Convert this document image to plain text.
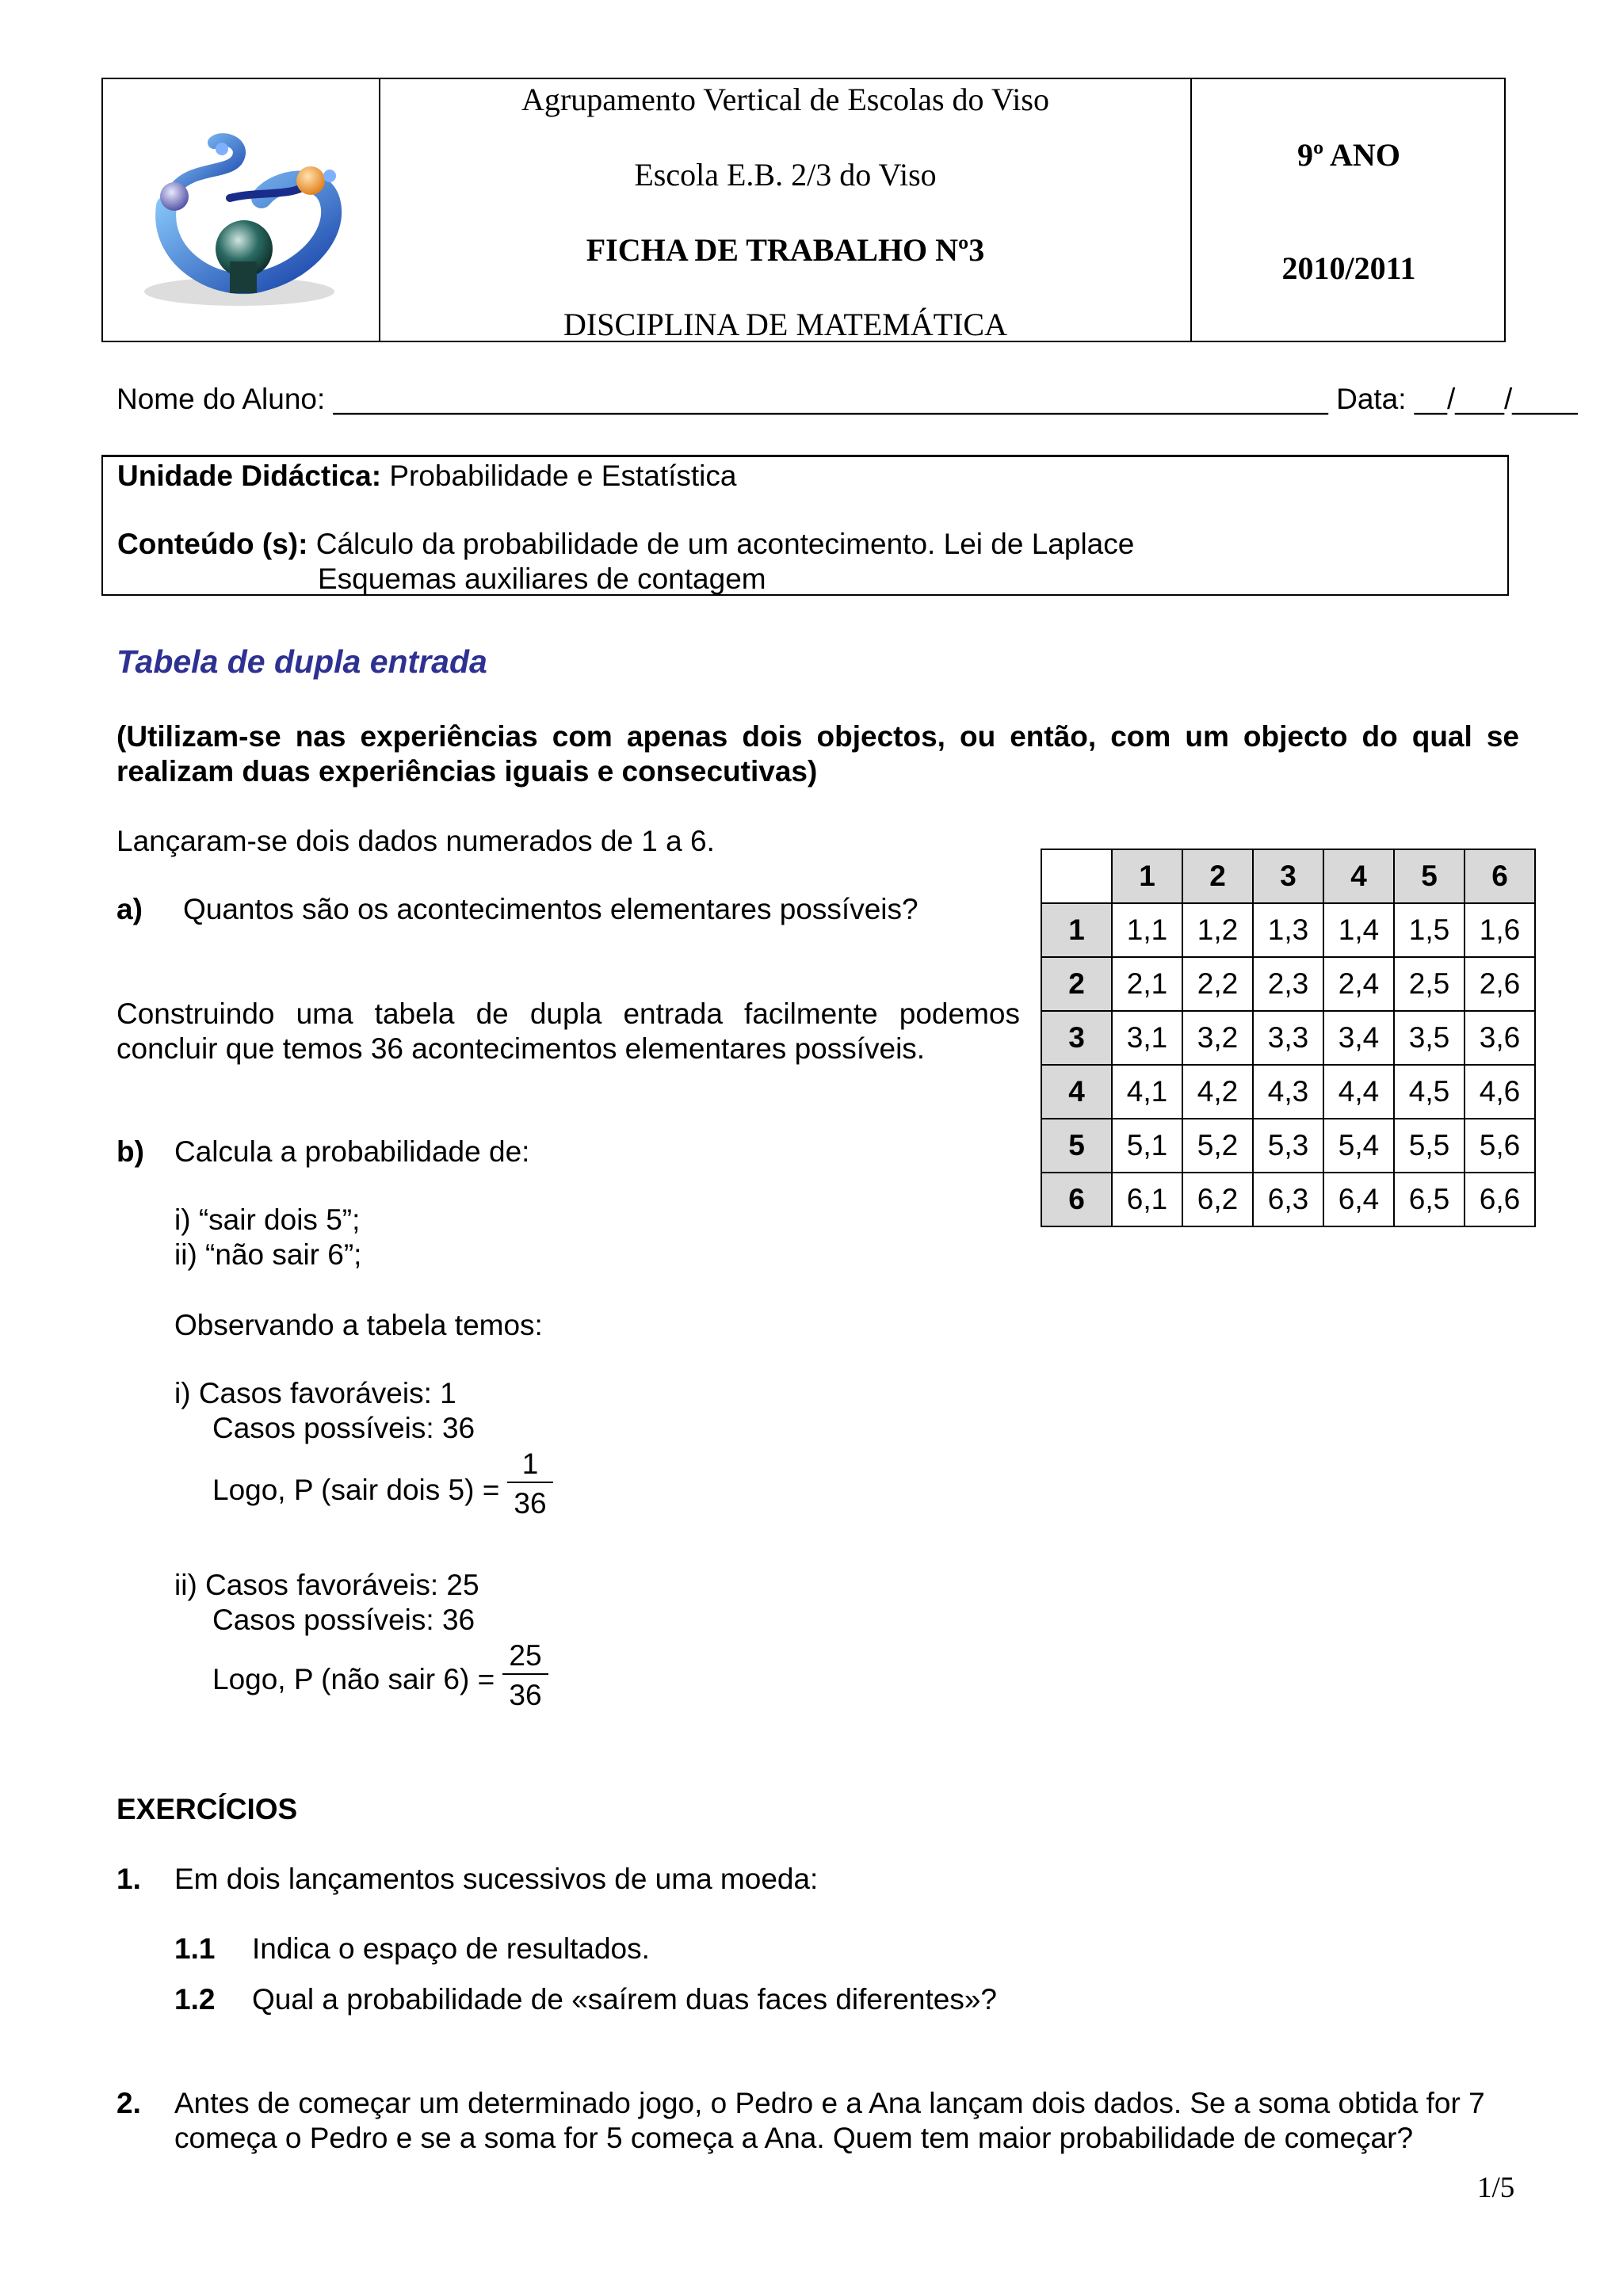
Agrupamento Vertical de Escolas do Viso
Escola E.B. 2/3 do Viso
FICHA DE TRABALHO Nº3
DISCIPLINA DE MATEMÁTICA
9º ANO
2010/2011
Nome do Aluno: _____________________________________________________________ Data: __/___/____
Unidade Didáctica: Probabilidade e Estatística
Conteúdo (s): Cálculo da probabilidade de um acontecimento. Lei de Laplace
Esquemas auxiliares de contagem
Tabela de dupla entrada
(Utilizam-se nas experiências com apenas dois objectos, ou então, com um objecto do qual se realizam duas experiências iguais e consecutivas)
Lançaram-se dois dados numerados de 1 a 6.
a) Quantos são os acontecimentos elementares possíveis?
Construindo uma tabela de dupla entrada facilmente podemos concluir que temos 36 acontecimentos elementares possíveis.
b) Calcula a probabilidade de:
i) “sair dois 5”;
ii) “não sair 6”;
Observando a tabela temos:
i) Casos favoráveis: 1
Casos possíveis: 36
Logo, P (sair dois $5) = \frac{1}{36}$
ii) Casos favoráveis: 25
Casos possíveis: 36
Logo, P (não sair $6) = \frac{25}{36}$
	1	2	3	4	5	6
1	1,1	1,2	1,3	1,4	1,5	1,6
2	2,1	2,2	2,3	2,4	2,5	2,6
3	3,1	3,2	3,3	3,4	3,5	3,6
4	4,1	4,2	4,3	4,4	4,5	4,6
5	5,1	5,2	5,3	5,4	5,5	5,6
6	6,1	6,2	6,3	6,4	6,5	6,6
EXERCÍCIOS
1. Em dois lançamentos sucessivos de uma moeda:
1.1 Indica o espaço de resultados.
1.2 Qual a probabilidade de «saírem duas faces diferentes»?
2. Antes de começar um determinado jogo, o Pedro e a Ana lançam dois dados. Se a soma obtida for 7
começa o Pedro e se a soma for 5 começa a Ana. Quem tem maior probabilidade de começar?
1/5
